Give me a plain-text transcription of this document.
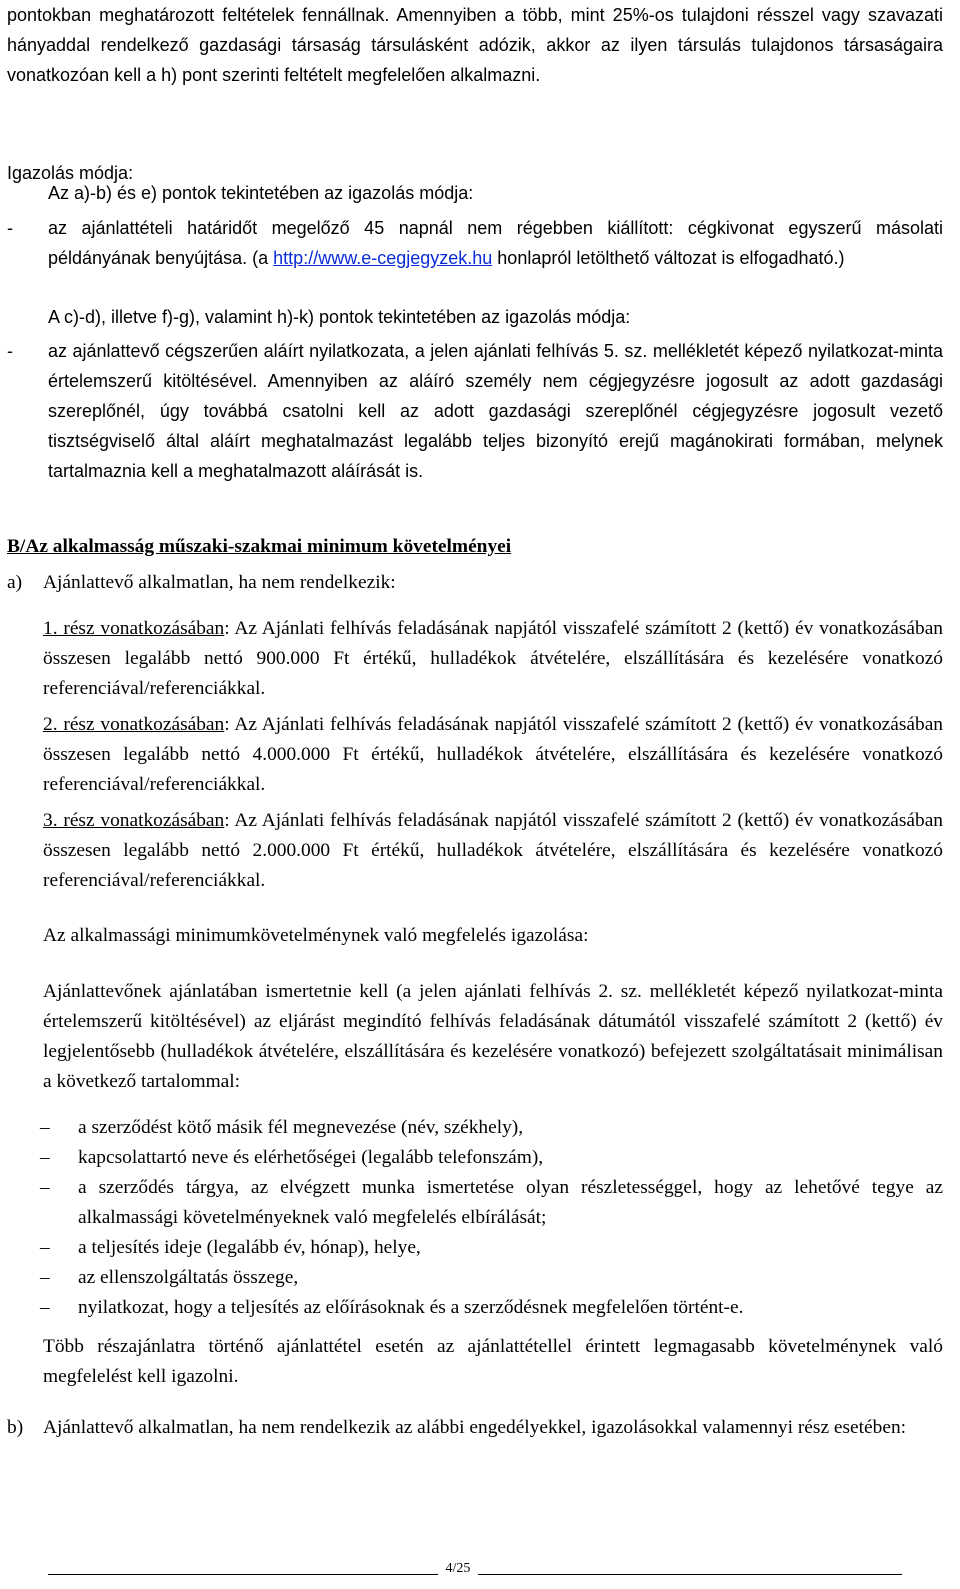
pontokban meghatározott feltételek fennállnak. Amennyiben a több, mint 25%-os tulajdoni résszel vagy szavazati hányaddal rendelkező gazdasági társaság társulásként adózik, akkor az ilyen társulás tulajdonos társaságaira vonatkozóan kell a h) pont szerinti feltételt megfelelően alkalmazni.
Igazolás módja:
Az a)-b) és e) pontok tekintetében az igazolás módja:
- az ajánlattételi határidőt megelőző 45 napnál nem régebben kiállított: cégkivonat egyszerű másolati példányának benyújtása. (a http://www.e-cegjegyzek.hu honlapról letölthető változat is elfogadható.)
A c)-d), illetve f)-g), valamint h)-k) pontok tekintetében az igazolás módja:
- az ajánlattevő cégszerűen aláírt nyilatkozata, a jelen ajánlati felhívás 5. sz. mellékletét képező nyilatkozat-minta értelemszerű kitöltésével. Amennyiben az aláíró személy nem cégjegyzésre jogosult az adott gazdasági szereplőnél, úgy továbbá csatolni kell az adott gazdasági szereplőnél cégjegyzésre jogosult vezető tisztségviselő által aláírt meghatalmazást legalább teljes bizonyító erejű magánokirati formában, melynek tartalmaznia kell a meghatalmazott aláírását is.
B/Az alkalmasság műszaki-szakmai minimum követelményei
a) Ajánlattevő alkalmatlan, ha nem rendelkezik:
1. rész vonatkozásában: Az Ajánlati felhívás feladásának napjától visszafelé számított 2 (kettő) év vonatkozásában összesen legalább nettó 900.000 Ft értékű, hulladékok átvételére, elszállítására és kezelésére vonatkozó referenciával/referenciákkal.
2. rész vonatkozásában: Az Ajánlati felhívás feladásának napjától visszafelé számított 2 (kettő) év vonatkozásában összesen legalább nettó 4.000.000 Ft értékű, hulladékok átvételére, elszállítására és kezelésére vonatkozó referenciával/referenciákkal.
3. rész vonatkozásában: Az Ajánlati felhívás feladásának napjától visszafelé számított 2 (kettő) év vonatkozásában összesen legalább nettó 2.000.000 Ft értékű, hulladékok átvételére, elszállítására és kezelésére vonatkozó referenciával/referenciákkal.
Az alkalmassági minimumkövetelménynek való megfelelés igazolása:
Ajánlattevőnek ajánlatában ismertetnie kell (a jelen ajánlati felhívás 2. sz. mellékletét képező nyilatkozat-minta értelemszerű kitöltésével) az eljárást megindító felhívás feladásának dátumától visszafelé számított 2 (kettő) év legjelentősebb (hulladékok átvételére, elszállítására és kezelésére vonatkozó) befejezett szolgáltatásait minimálisan a következő tartalommal:
– a szerződést kötő másik fél megnevezése (név, székhely),
– kapcsolattartó neve és elérhetőségei (legalább telefonszám),
– a szerződés tárgya, az elvégzett munka ismertetése olyan részletességgel, hogy az lehetővé tegye az alkalmassági követelményeknek való megfelelés elbírálását;
– a teljesítés ideje (legalább év, hónap), helye,
– az ellenszolgáltatás összege,
– nyilatkozat, hogy a teljesítés az előírásoknak és a szerződésnek megfelelően történt-e.
Több részajánlatra történő ajánlattétel esetén az ajánlattétellel érintett legmagasabb követelménynek való megfelelést kell igazolni.
b) Ajánlattevő alkalmatlan, ha nem rendelkezik az alábbi engedélyekkel, igazolásokkal valamennyi rész esetében:
4/25
